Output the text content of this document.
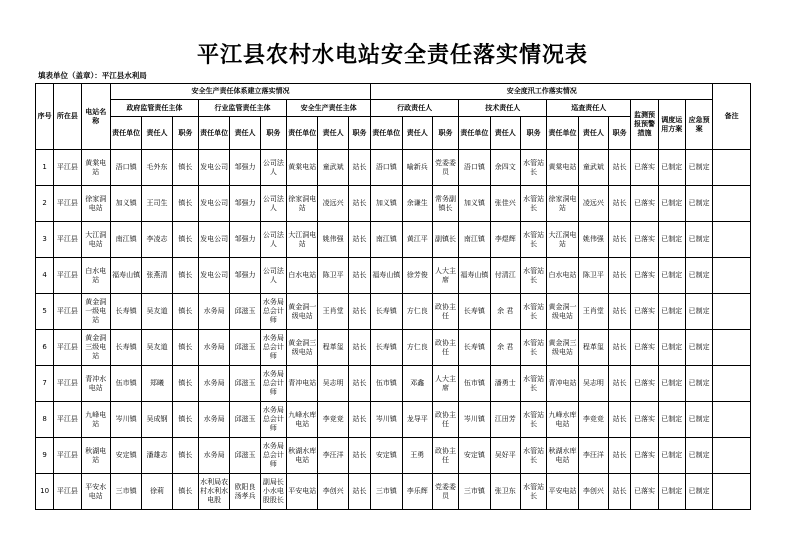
平江县农村水电站安全责任落实情况表
填表单位（盖章）：平江县水利局
序号	所在县	电站名称	安全生产责任体系建立落实情况									安全度汛工作落实情况												备注
			政府监管责任主体			行业监管责任主体			安全生产责任主体			行政责任人			技术责任人			巡查责任人			监测预报预警措施	调度运用方案	应急预案	
			责任单位	责任人	职务	责任单位	责任人	职务	责任单位	责任人	职务	责任单位	责任人	职务	责任单位	责任人	职务	责任单位	责任人	职务				
1	平江县	黄棠电站	浯口镇	毛外东	镇长	发电公司	邹强力	公司法人	黄棠电站	童武斌	站长	浯口镇	喻新兵	党委委员	浯口镇	余四文	水管站长	黄棠电站	童武斌	站长	已落实	已制定	已制定	
2	平江县	徐家洞电站	加义镇	王司生	镇长	发电公司	邹强力	公司法人	徐家洞电站	凌远兴	站长	加义镇	余谦生	常务副镇长	加义镇	张佳兴	水管站长	徐家洞电站	凌远兴	站长	已落实	已制定	已制定	
3	平江县	大江洞电站	南江镇	李凌志	镇长	发电公司	邹强力	公司法人	大江洞电站	姚伟强	站长	南江镇	黄江平	副镇长	南江镇	李煜辉	水管站长	大江洞电站	姚伟强	站长	已落实	已制定	已制定	
4	平江县	白水电站	福寿山镇	张燕清	镇长	发电公司	邹强力	公司法人	白水电站	陈卫平	站长	福寿山镇	徐芳俊	人大主席	福寿山镇	付清江	水管站长	白水电站	陈卫平	站长	已落实	已制定	已制定	
5	平江县	黄金洞一级电站	长寿镇	吴友道	镇长	水务局	邱滋玉	水务局总会计师	黄金洞一级电站	王肖堂	站长	长寿镇	方仁良	政协主任	长寿镇	余 君	水管站长	黄金洞一级电站	王肖堂	站长	已落实	已制定	已制定	
6	平江县	黄金洞三级电站	长寿镇	吴友道	镇长	水务局	邱滋玉	水务局总会计师	黄金洞三级电站	程革玺	站长	长寿镇	方仁良	政协主任	长寿镇	余 君	水管站长	黄金洞三级电站	程革玺	站长	已落实	已制定	已制定	
7	平江县	青冲水电站	伍市镇	郑曦	镇长	水务局	邱滋玉	水务局总会计师	青冲电站	吴志明	站长	伍市镇	邓鑫	人大主席	伍市镇	潘勇士	水管站长	青冲电站	吴志明	站长	已落实	已制定	已制定	
8	平江县	九峰电站	岑川镇	吴成钢	镇长	水务局	邱滋玉	水务局总会计师	九峰水库电站	李竞竞	站长	岑川镇	龙导平	政协主任	岑川镇	江田芳	水管站长	九峰水库电站	李竞竞	站长	已落实	已制定	已制定	
9	平江县	秋湖电站	安定镇	潘雄志	镇长	水务局	邱滋玉	水务局总会计师	秋湖水库电站	李汪洋	站长	安定镇	王勇	政协主任	安定镇	吴好平	水管站长	秋湖水库电站	李汪洋	站长	已落实	已制定	已制定	
10	平江县	平安水电站	三市镇	徐莉	镇长	水利局农村水利水电股	欧阳良汤孝兵	副局长小水电股股长	平安电站	李创兴	站长	三市镇	李乐辉	党委委员	三市镇	张卫东	水管站长	平安电站	李创兴	站长	已落实	已制定	已制定	
